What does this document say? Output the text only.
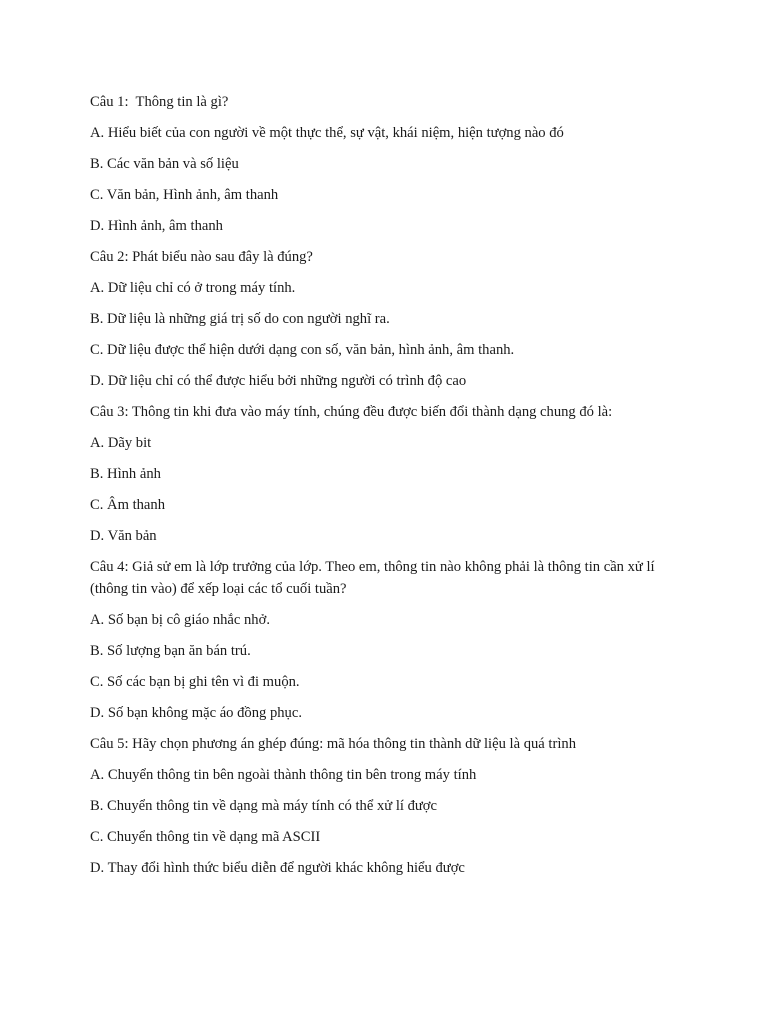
Câu 1:  Thông tin là gì?

A. Hiểu biết của con người về một thực thể, sự vật, khái niệm, hiện tượng nào đó

B. Các văn bản và số liệu

C. Văn bản, Hình ảnh, âm thanh

D. Hình ảnh, âm thanh

Câu 2: Phát biểu nào sau đây là đúng?

A. Dữ liệu chỉ có ở trong máy tính.

B. Dữ liệu là những giá trị số do con người nghĩ ra.

C. Dữ liệu được thể hiện dưới dạng con số, văn bản, hình ảnh, âm thanh.

D. Dữ liệu chỉ có thể được hiểu bởi những người có trình độ cao

Câu 3: Thông tin khi đưa vào máy tính, chúng đều được biến đổi thành dạng chung đó là:

A. Dãy bit

B. Hình ảnh

C. Âm thanh

D. Văn bản

Câu 4: Giả sử em là lớp trưởng của lớp. Theo em, thông tin nào không phải là thông tin cần xử lí (thông tin vào) để xếp loại các tổ cuối tuần?

A. Số bạn bị cô giáo nhắc nhở.

B. Số lượng bạn ăn bán trú.

C. Số các bạn bị ghi tên vì đi muộn.

D. Số bạn không mặc áo đồng phục.

Câu 5: Hãy chọn phương án ghép đúng: mã hóa thông tin thành dữ liệu là quá trình

A. Chuyển thông tin bên ngoài thành thông tin bên trong máy tính

B. Chuyển thông tin về dạng mà máy tính có thể xử lí được

C. Chuyển thông tin về dạng mã ASCII

D. Thay đổi hình thức biểu diễn để người khác không hiểu được
